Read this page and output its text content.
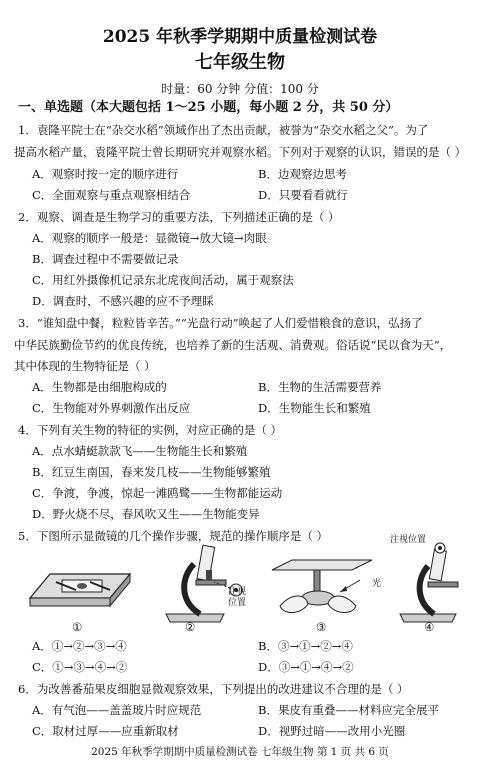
2025 年秋季学期期中质量检测试卷
七年级生物
时量：60 分钟 分值：100 分
一、单选题（本大题包括 1～25 小题，每小题 2 分，共 50 分）
1．袁隆平院士在“杂交水稻”领域作出了杰出贡献，被誉为“杂交水稻之父”。为了
提高水稻产量，袁隆平院士曾长期研究并观察水稻。下列对于观察的认识，错误的是（ ）
A．观察时按一定的顺序进行	B．边观察边思考
C．全面观察与重点观察相结合	D．只要看看就行
2．观察、调查是生物学习的重要方法，下列描述正确的是（ ）
A．观察的顺序一般是：显微镜→放大镜→肉眼
B．调查过程中不需要做记录
C．用红外摄像机记录东北虎夜间活动，属于观察法
D．调查时，不感兴趣的应不予理睬
3．“谁知盘中餐，粒粒皆辛苦。”“光盘行动”唤起了人们爱惜粮食的意识，弘扬了
中华民族勤俭节约的优良传统，也培养了新的生活观、消费观。俗话说“民以食为天”，
其中体现的生物特征是（ ）
A．生物都是由细胞构成的	B．生物的生活需要营养
C．生物能对外界刺激作出反应	D．生物能生长和繁殖
4．下列有关生物的特征的实例，对应正确的是（ ）
A．点水蜻蜓款款飞——生物能生长和繁殖
B．红豆生南国，春来发几枝——生物能够繁殖
C．争渡，争渡，惊起一滩鸥鹭——生物都能运动
D．野火烧不尽，春风吹又生——生物能变异
5．下图所示显微镜的几个操作步骤，规范的操作顺序是（ ）
①
注视
位置
②
光
③
注视位置
④
A．①→②→③→④	B．③→①→②→④
C．①→③→④→②	D．③→①→④→②
6．为改善番茄果皮细胞显微观察效果，下列提出的改进建议不合理的是（ ）
A．有气泡——盖盖玻片时应规范	B．果皮有重叠——材料应完全展平
C．取材过厚——应重新取材	D．视野过暗——改用小光圈
2025 年秋季学期期中质量检测试卷 七年级生物 第 1 页 共 6 页
